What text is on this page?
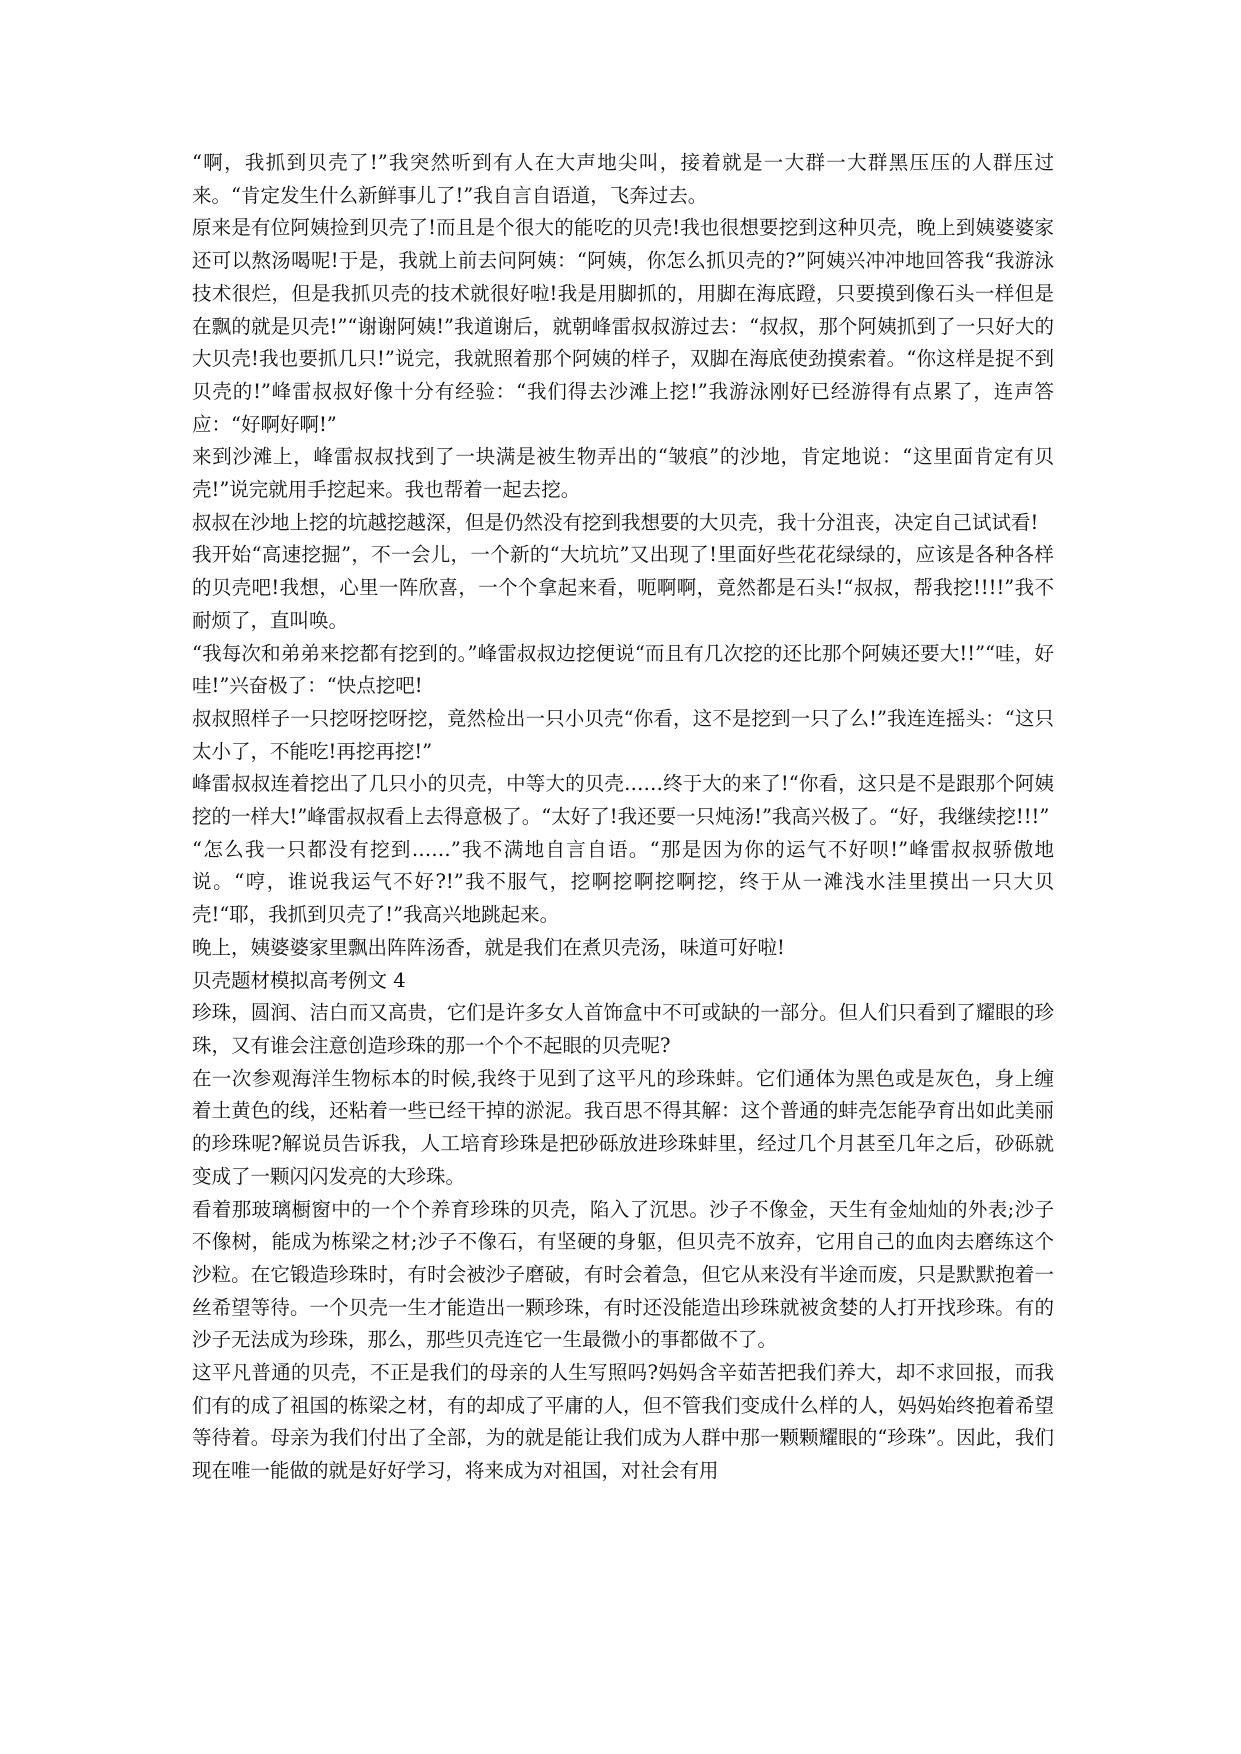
“啊，我抓到贝壳了!”我突然听到有人在大声地尖叫，接着就是一大群一大群黑压压的人群压过来。“肯定发生什么新鲜事儿了!”我自言自语道，飞奔过去。

原来是有位阿姨捡到贝壳了!而且是个很大的能吃的贝壳!我也很想要挖到这种贝壳，晚上到姨婆婆家还可以熬汤喝呢!于是，我就上前去问阿姨：“阿姨，你怎么抓贝壳的?”阿姨兴冲冲地回答我“我游泳技术很烂，但是我抓贝壳的技术就很好啦!我是用脚抓的，用脚在海底蹬，只要摸到像石头一样但是在飘的就是贝壳!”“谢谢阿姨!”我道谢后，就朝峰雷叔叔游过去：“叔叔，那个阿姨抓到了一只好大的大贝壳!我也要抓几只!”说完，我就照着那个阿姨的样子，双脚在海底使劲摸索着。“你这样是捉不到贝壳的!”峰雷叔叔好像十分有经验：“我们得去沙滩上挖!”我游泳刚好已经游得有点累了，连声答应：“好啊好啊!”

来到沙滩上，峰雷叔叔找到了一块满是被生物弄出的“皱痕”的沙地，肯定地说：“这里面肯定有贝壳!”说完就用手挖起来。我也帮着一起去挖。

叔叔在沙地上挖的坑越挖越深，但是仍然没有挖到我想要的大贝壳，我十分沮丧，决定自己试试看!

我开始“高速挖掘”，不一会儿，一个新的“大坑坑”又出现了!里面好些花花绿绿的，应该是各种各样的贝壳吧!我想，心里一阵欣喜，一个个拿起来看，呃啊啊，竟然都是石头!“叔叔，帮我挖!!!!”我不耐烦了，直叫唤。

“我每次和弟弟来挖都有挖到的。”峰雷叔叔边挖便说“而且有几次挖的还比那个阿姨还要大!!”“哇，好哇!”兴奋极了：“快点挖吧!

叔叔照样子一只挖呀挖呀挖，竟然检出一只小贝壳“你看，这不是挖到一只了么!”我连连摇头：“这只太小了，不能吃!再挖再挖!”

峰雷叔叔连着挖出了几只小的贝壳，中等大的贝壳……终于大的来了!“你看，这只是不是跟那个阿姨挖的一样大!”峰雷叔叔看上去得意极了。“太好了!我还要一只炖汤!”我高兴极了。“好，我继续挖!!!”

“怎么我一只都没有挖到……”我不满地自言自语。“那是因为你的运气不好呗!”峰雷叔叔骄傲地说。“哼，谁说我运气不好?!”我不服气，挖啊挖啊挖啊挖，终于从一滩浅水洼里摸出一只大贝壳!“耶，我抓到贝壳了!”我高兴地跳起来。

晚上，姨婆婆家里飘出阵阵汤香，就是我们在煮贝壳汤，味道可好啦!

贝壳题材模拟高考例文 4

珍珠，圆润、洁白而又高贵，它们是许多女人首饰盒中不可或缺的一部分。但人们只看到了耀眼的珍珠，又有谁会注意创造珍珠的那一个个不起眼的贝壳呢?

在一次参观海洋生物标本的时候,我终于见到了这平凡的珍珠蚌。它们通体为黑色或是灰色，身上缠着土黄色的线，还粘着一些已经干掉的淤泥。我百思不得其解：这个普通的蚌壳怎能孕育出如此美丽的珍珠呢?解说员告诉我，人工培育珍珠是把砂砾放进珍珠蚌里，经过几个月甚至几年之后，砂砾就变成了一颗闪闪发亮的大珍珠。

看着那玻璃橱窗中的一个个养育珍珠的贝壳，陷入了沉思。沙子不像金，天生有金灿灿的外表;沙子不像树，能成为栋梁之材;沙子不像石，有坚硬的身躯，但贝壳不放弃，它用自己的血肉去磨练这个沙粒。在它锻造珍珠时，有时会被沙子磨破，有时会着急，但它从来没有半途而废，只是默默抱着一丝希望等待。一个贝壳一生才能造出一颗珍珠，有时还没能造出珍珠就被贪婪的人打开找珍珠。有的沙子无法成为珍珠，那么，那些贝壳连它一生最微小的事都做不了。

这平凡普通的贝壳，不正是我们的母亲的人生写照吗?妈妈含辛茹苦把我们养大，却不求回报，而我们有的成了祖国的栋梁之材，有的却成了平庸的人，但不管我们变成什么样的人，妈妈始终抱着希望等待着。母亲为我们付出了全部，为的就是能让我们成为人群中那一颗颗耀眼的“珍珠”。因此，我们现在唯一能做的就是好好学习，将来成为对祖国，对社会有用
